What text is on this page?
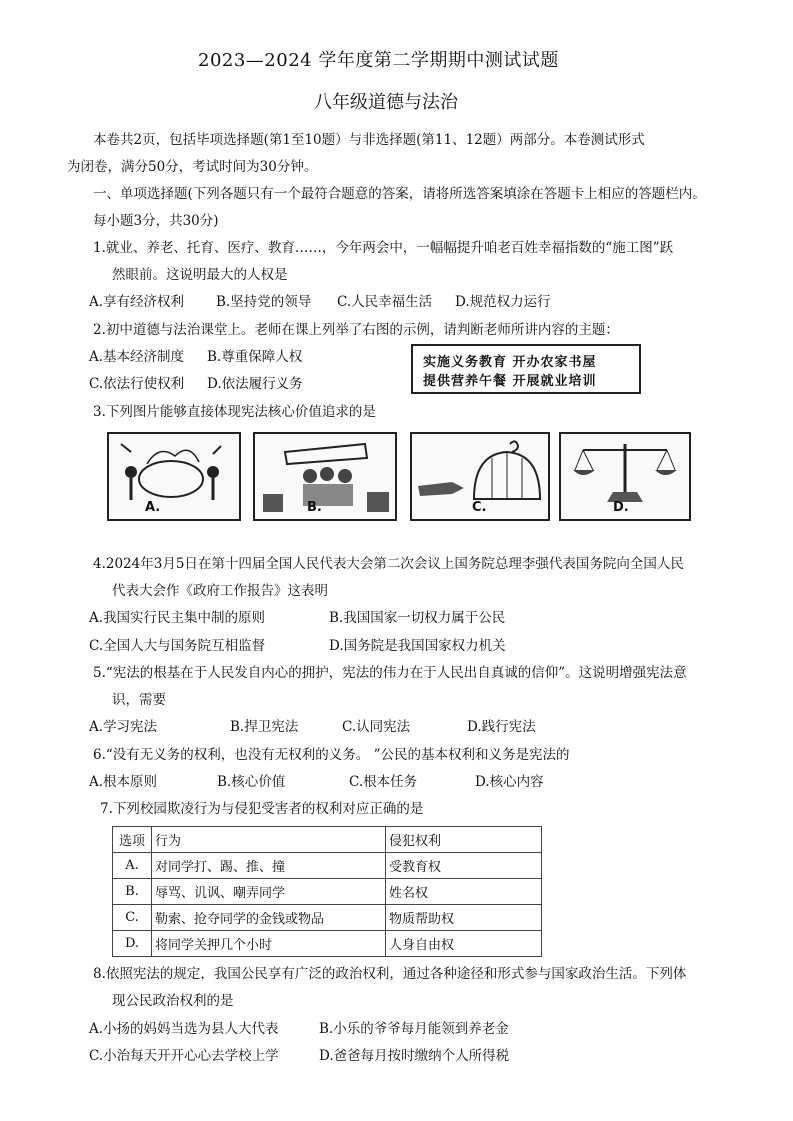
2023—2024 学年度第二学期期中测试试题
八年级道德与法治
本卷共2页，包括毕项选择题(第1至10题）与非选择题(第11、12题）两部分。本卷测试形式
为闭卷，满分50分，考试时间为30分钟。
一、单项选择题(下列各题只有一个最符合题意的答案，请将所选答案填涂在答题卡上相应的答题栏内。
每小题3分，共30分)
1.就业、养老、托育、医疗、教育……，今年两会中，一幅幅提升咱老百姓幸福指数的“施工图”跃
然眼前。这说明最大的人权是
A.享有经济权利 B.坚持党的领导 C.人民幸福生活 D.规范权力运行
2.初中道德与法治课堂上。老师在课上列举了右图的示例，请判断老师所讲内容的主题：
A.基本经济制度 B.尊重保障人权
C.依法行使权利 D.依法履行义务
实施义务教育 开办农家书屋
提供营养午餐 开展就业培训
3.下列图片能够直接体现宪法核心价值追求的是
A.	B.	C.	D.
4.2024年3月5日在第十四届全国人民代表大会第二次会议上国务院总理李强代表国务院向全国人民
代表大会作《政府工作报告》这表明
A.我国实行民主集中制的原则	B.我国国家一切权力属于公民
C.全国人大与国务院互相监督	D.国务院是我国国家权力机关
5.“宪法的根基在于人民发自内心的拥护，宪法的伟力在于人民出自真诚的信仰”。这说明增强宪法意
识，需要
A.学习宪法	B.捍卫宪法	C.认同宪法	D.践行宪法
6.“没有无义务的权利，也没有无权利的义务。 ”公民的基本权利和义务是宪法的
A.根本原则	B.核心价值	C.根本任务	D.核心内容
7.下列校园欺凌行为与侵犯受害者的权利对应正确的是
选项	行为	侵犯权利
A.	对同学打、踢、推、撞	受教育权
B.	辱骂、讥讽、嘲弄同学	姓名权
C.	勒索、抢夺同学的金钱或物品	物质帮助权
D.	将同学关押几个小时	人身自由权
8.依照宪法的规定，我国公民享有广泛的政治权利，通过各种途径和形式参与国家政治生活。下列体
现公民政治权利的是
A.小扬的妈妈当选为县人大代表	B.小乐的爷爷每月能领到养老金
C.小治每天开开心心去学校上学	D.爸爸每月按时缴纳个人所得税
